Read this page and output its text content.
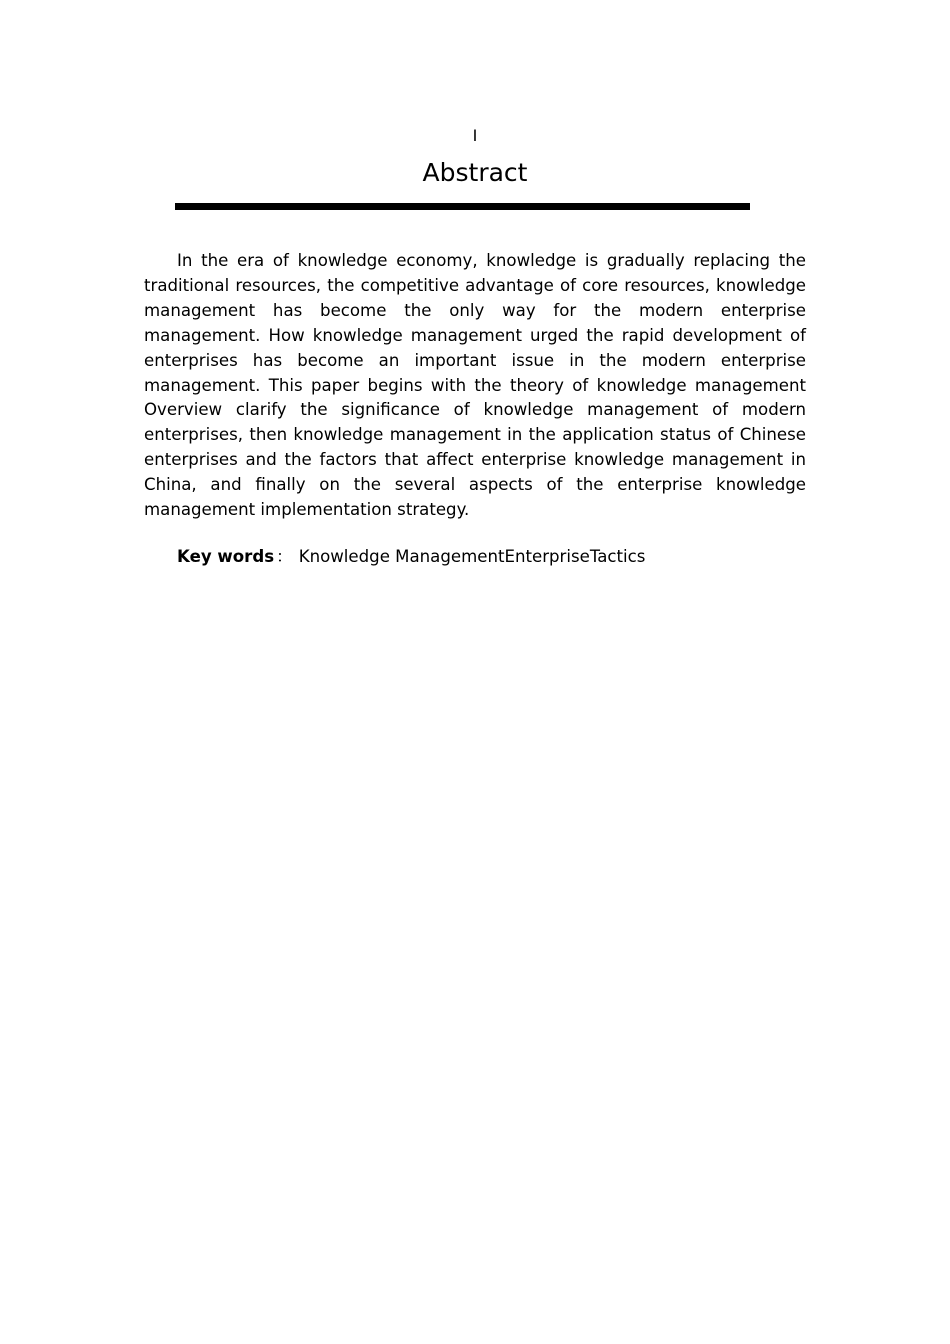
I
Abstract

In the era of knowledge economy, knowledge is gradually replacing the traditional resources, the competitive advantage of core resources, knowledge management has become the only way for the modern enterprise management. How knowledge management urged the rapid development of enterprises has become an important issue in the modern enterprise management. This paper begins with the theory of knowledge management Overview clarify the significance of knowledge management of modern enterprises, then knowledge management in the application status of Chinese enterprises and the factors that affect enterprise knowledge management in China, and finally on the several aspects of the enterprise knowledge management implementation strategy.

Key words ： Knowledge ManagementEnterpriseTactics
